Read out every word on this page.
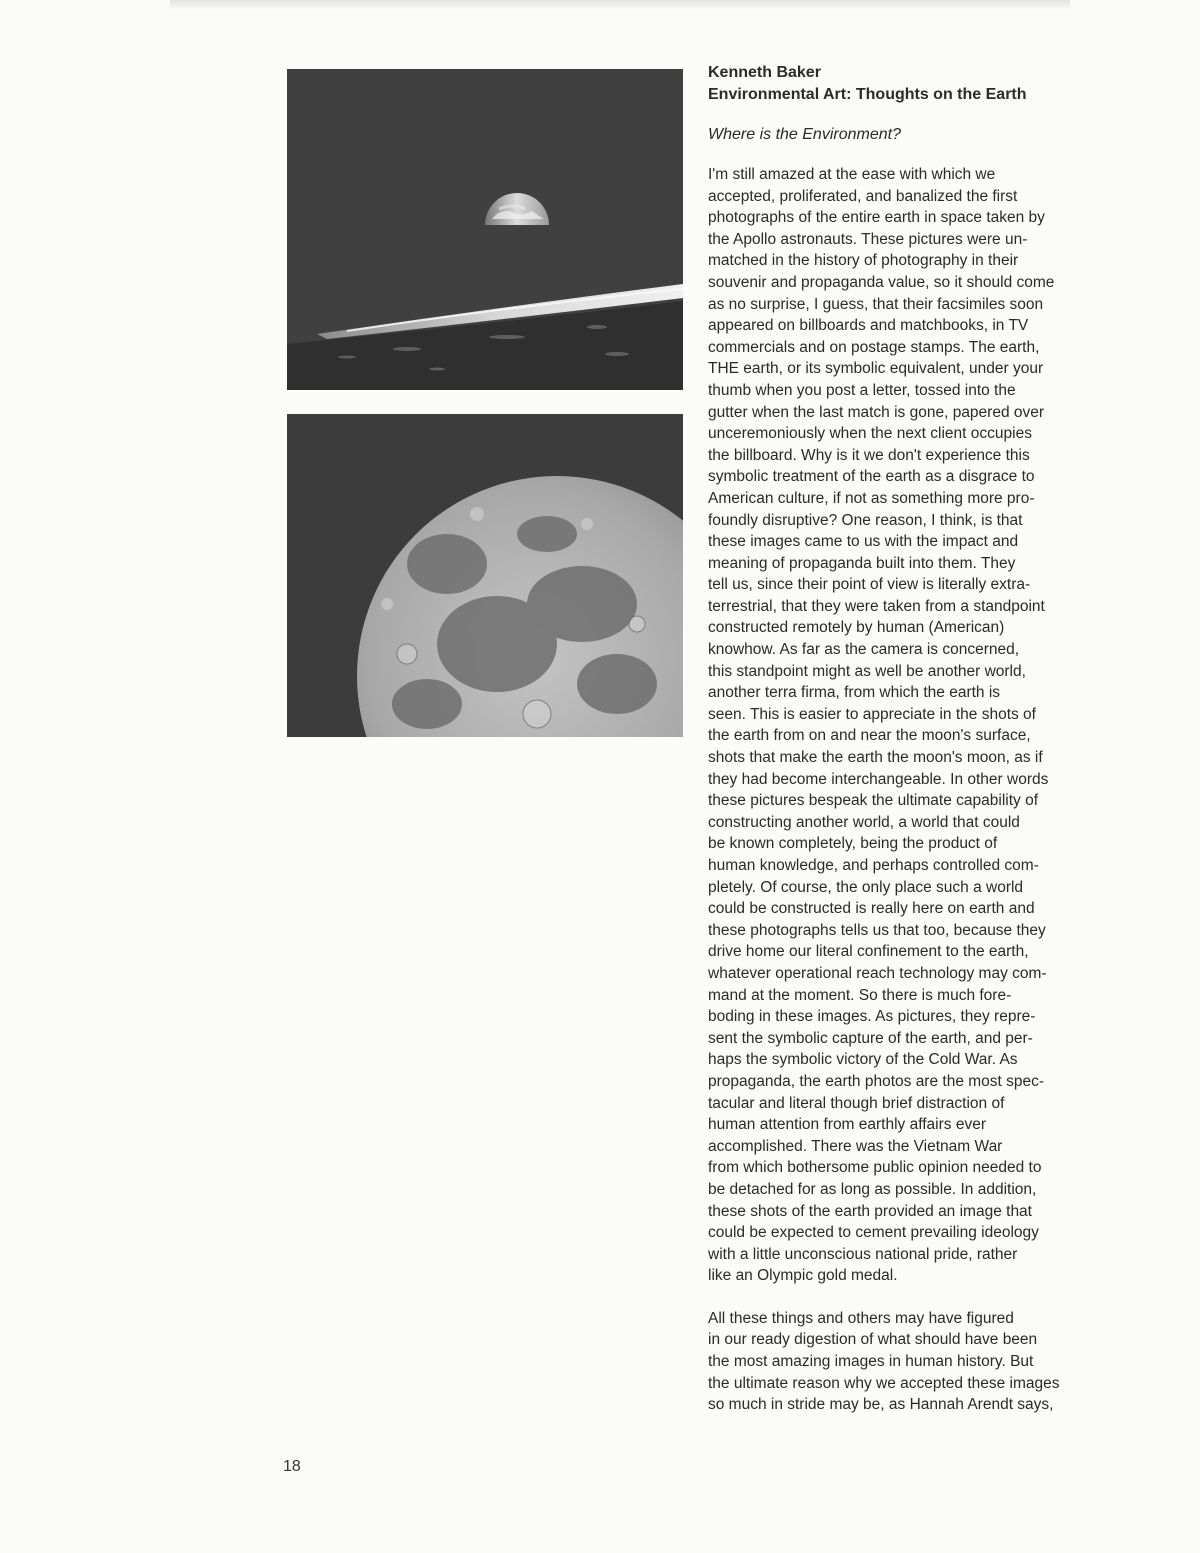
Kenneth Baker
Environmental Art: Thoughts on the Earth
Where is the Environment?

I'm still amazed at the ease with which we
accepted, proliferated, and banalized the first
photographs of the entire earth in space taken by
the Apollo astronauts. These pictures were un-
matched in the history of photography in their
souvenir and propaganda value, so it should come
as no surprise, I guess, that their facsimiles soon
appeared on billboards and matchbooks, in TV
commercials and on postage stamps. The earth,
THE earth, or its symbolic equivalent, under your
thumb when you post a letter, tossed into the
gutter when the last match is gone, papered over
unceremoniously when the next client occupies
the billboard. Why is it we don't experience this
symbolic treatment of the earth as a disgrace to
American culture, if not as something more pro-
foundly disruptive? One reason, I think, is that
these images came to us with the impact and
meaning of propaganda built into them. They
tell us, since their point of view is literally extra-
terrestrial, that they were taken from a standpoint
constructed remotely by human (American)
knowhow. As far as the camera is concerned,
this standpoint might as well be another world,
another terra firma, from which the earth is
seen. This is easier to appreciate in the shots of
the earth from on and near the moon's surface,
shots that make the earth the moon's moon, as if
they had become interchangeable. In other words
these pictures bespeak the ultimate capability of
constructing another world, a world that could
be known completely, being the product of
human knowledge, and perhaps controlled com-
pletely. Of course, the only place such a world
could be constructed is really here on earth and
these photographs tells us that too, because they
drive home our literal confinement to the earth,
whatever operational reach technology may com-
mand at the moment. So there is much fore-
boding in these images. As pictures, they repre-
sent the symbolic capture of the earth, and per-
haps the symbolic victory of the Cold War. As
propaganda, the earth photos are the most spec-
tacular and literal though brief distraction of
human attention from earthly affairs ever
accomplished. There was the Vietnam War
from which bothersome public opinion needed to
be detached for as long as possible. In addition,
these shots of the earth provided an image that
could be expected to cement prevailing ideology
with a little unconscious national pride, rather
like an Olympic gold medal.

All these things and others may have figured
in our ready digestion of what should have been
the most amazing images in human history. But
the ultimate reason why we accepted these images
so much in stride may be, as Hannah Arendt says,

18
